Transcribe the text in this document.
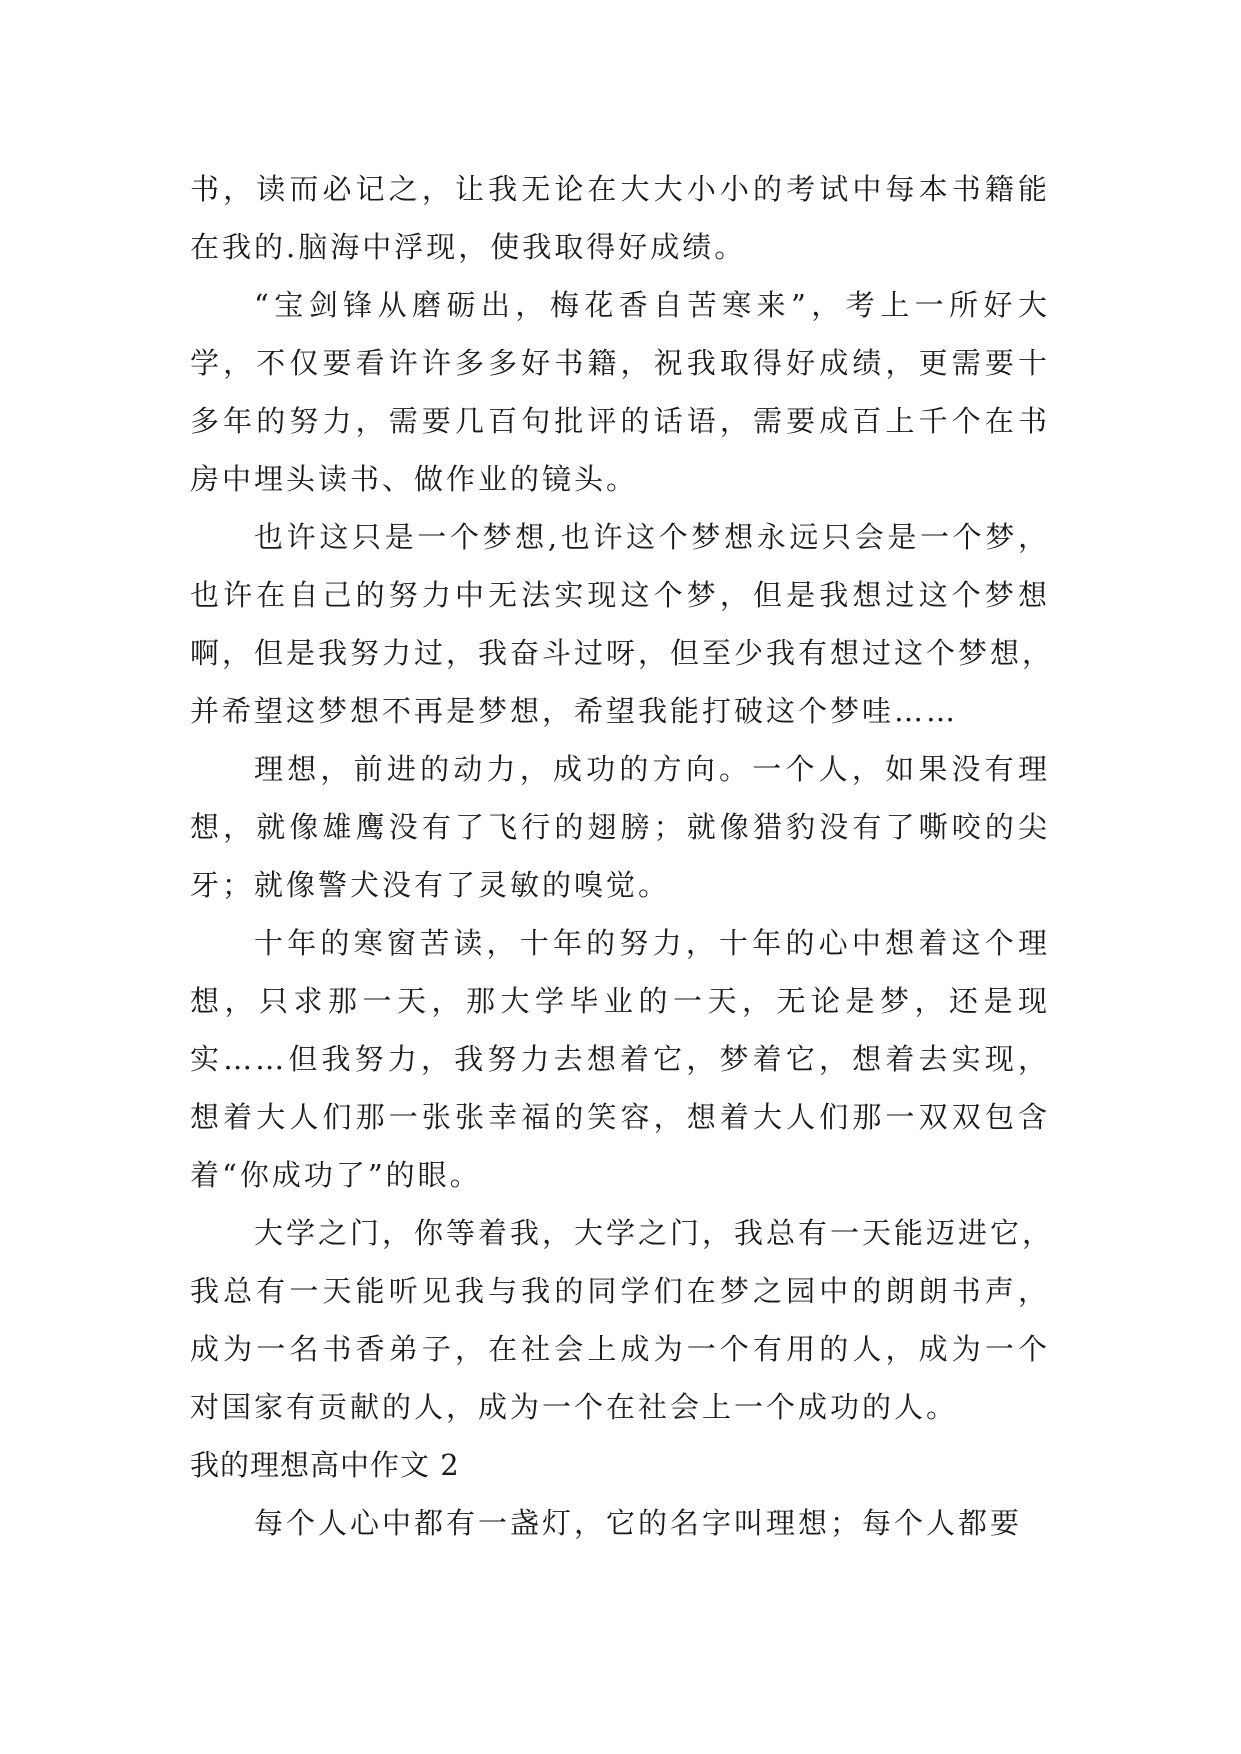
书，读而必记之，让我无论在大大小小的考试中每本书籍能
在我的.脑海中浮现，使我取得好成绩。
“宝剑锋从磨砺出，梅花香自苦寒来”，考上一所好大
学，不仅要看许许多多好书籍，祝我取得好成绩，更需要十
多年的努力，需要几百句批评的话语，需要成百上千个在书
房中埋头读书、做作业的镜头。
也许这只是一个梦想,也许这个梦想永远只会是一个梦，
也许在自己的努力中无法实现这个梦，但是我想过这个梦想
啊，但是我努力过，我奋斗过呀，但至少我有想过这个梦想，
并希望这梦想不再是梦想，希望我能打破这个梦哇……
理想，前进的动力，成功的方向。一个人，如果没有理
想，就像雄鹰没有了飞行的翅膀；就像猎豹没有了嘶咬的尖
牙；就像警犬没有了灵敏的嗅觉。
十年的寒窗苦读，十年的努力，十年的心中想着这个理
想，只求那一天，那大学毕业的一天，无论是梦，还是现
实……但我努力，我努力去想着它，梦着它，想着去实现，
想着大人们那一张张幸福的笑容，想着大人们那一双双包含
着“你成功了”的眼。
大学之门，你等着我，大学之门，我总有一天能迈进它，
我总有一天能听见我与我的同学们在梦之园中的朗朗书声，
成为一名书香弟子，在社会上成为一个有用的人，成为一个
对国家有贡献的人，成为一个在社会上一个成功的人。
我的理想高中作文 2
每个人心中都有一盏灯，它的名字叫理想；每个人都要
